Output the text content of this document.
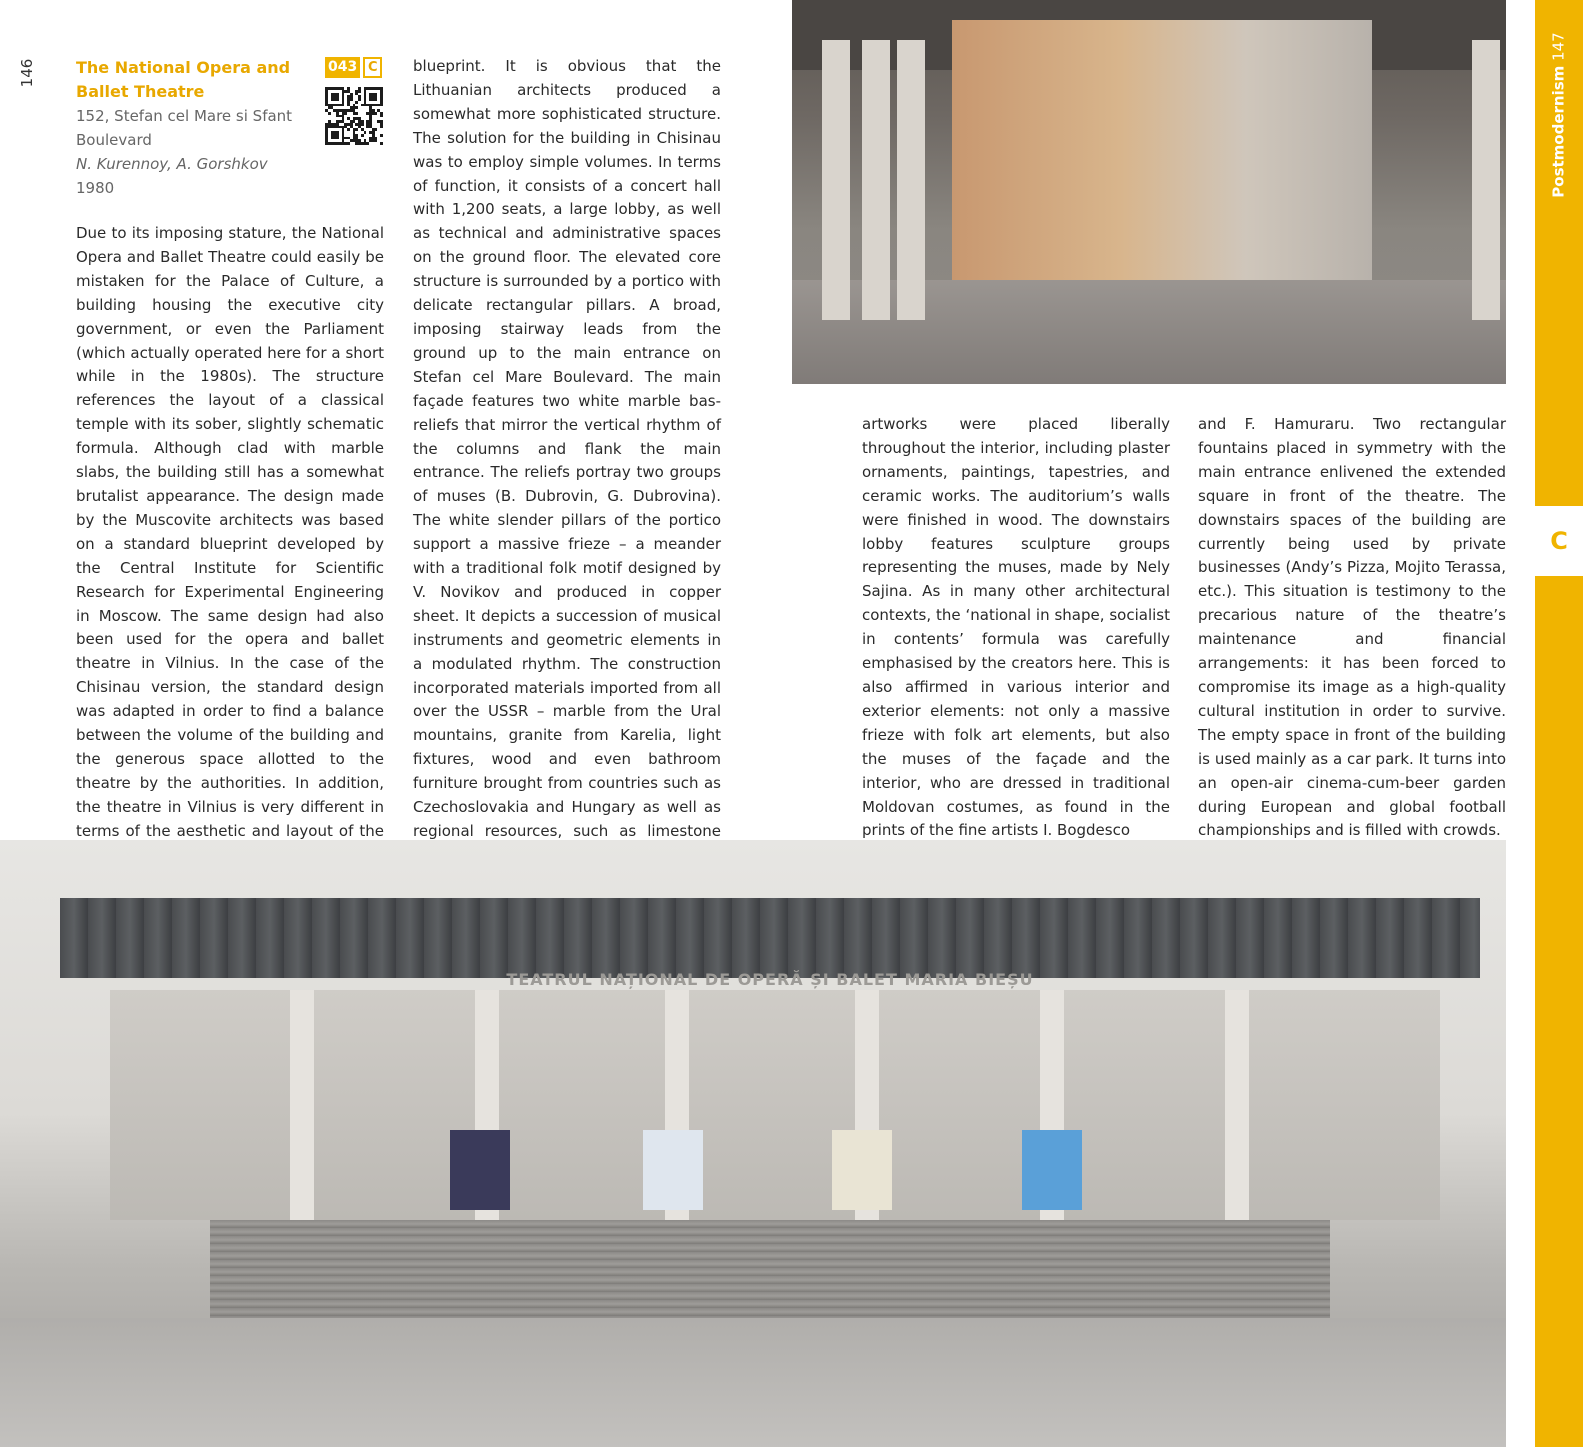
146	The National Opera and Ballet Theatre
043 C
152, Stefan cel Mare si Sfant Boulevard
N. Kurennoy, A. Gorshkov
1980
Due to its imposing stature, the National Opera and Ballet Theatre could easily be mistaken for the Palace of Culture, a building housing the executive city government, or even the Parliament (which actually operated here for a short while in the 1980s). The structure references the layout of a classical temple with its sober, slightly schematic formula. Although clad with marble slabs, the building still has a somewhat brutalist appearance. The design made by the Muscovite architects was based on a standard blueprint developed by the Central Institute for Scientific Research for Experimental Engineering in Moscow. The same design had also been used for the opera and ballet theatre in Vilnius. In the case of the Chisinau version, the standard design was adapted in order to find a balance between the volume of the building and the generous space allotted to the theatre by the authorities. In addition, the theatre in Vilnius is very different in terms of the aesthetic and layout of the
blueprint. It is obvious that the Lithuanian architects produced a somewhat more sophisticated structure. The solution for the building in Chisinau was to employ simple volumes. In terms of function, it consists of a concert hall with 1,200 seats, a large lobby, as well as technical and administrative spaces on the ground floor. The elevated core structure is surrounded by a portico with delicate rectangular pillars. A broad, imposing stairway leads from the ground up to the main entrance on Stefan cel Mare Boulevard. The main façade features two white marble bas-reliefs that mirror the vertical rhythm of the columns and flank the main entrance. The reliefs portray two groups of muses (B. Dubrovin, G. Dubrovina). The white slender pillars of the portico support a massive frieze – a meander with a traditional folk motif designed by V. Novikov and produced in copper sheet. It depicts a succession of musical instruments and geometric elements in a modulated rhythm. The construction incorporated materials imported from all over the USSR – marble from the Ural mountains, granite from Karelia, light fixtures, wood and even bathroom furniture brought from countries such as Czechoslovakia and Hungary as well as regional resources, such as limestone
artworks were placed liberally throughout the interior, including plaster ornaments, paintings, tapestries, and ceramic works. The auditorium’s walls were finished in wood. The downstairs lobby features sculpture groups representing the muses, made by Nely Sajina. As in many other architectural contexts, the ‘national in shape, socialist in contents’ formula was carefully emphasised by the creators here. This is also affirmed in various interior and exterior elements: not only a massive frieze with folk art elements, but also the muses of the façade and the interior, who are dressed in traditional Moldovan costumes, as found in the prints of the fine artists I. Bogdesco
and F. Hamuraru. Two rectangular fountains placed in symmetry with the main entrance enlivened the extended square in front of the theatre. The downstairs spaces of the building are currently being used by private businesses (Andy’s Pizza, Mojito Terassa, etc.). This situation is testimony to the precarious nature of the theatre’s maintenance and financial arrangements: it has been forced to compromise its image as a high-quality cultural institution in order to survive. The empty space in front of the building is used mainly as a car park. It turns into an open-air cinema-cum-beer garden during European and global football championships and is filled with crowds.
TEATRUL NAȚIONAL DE OPERĂ ȘI BALET MARIA BIEȘU
Postmodernism 147
C
